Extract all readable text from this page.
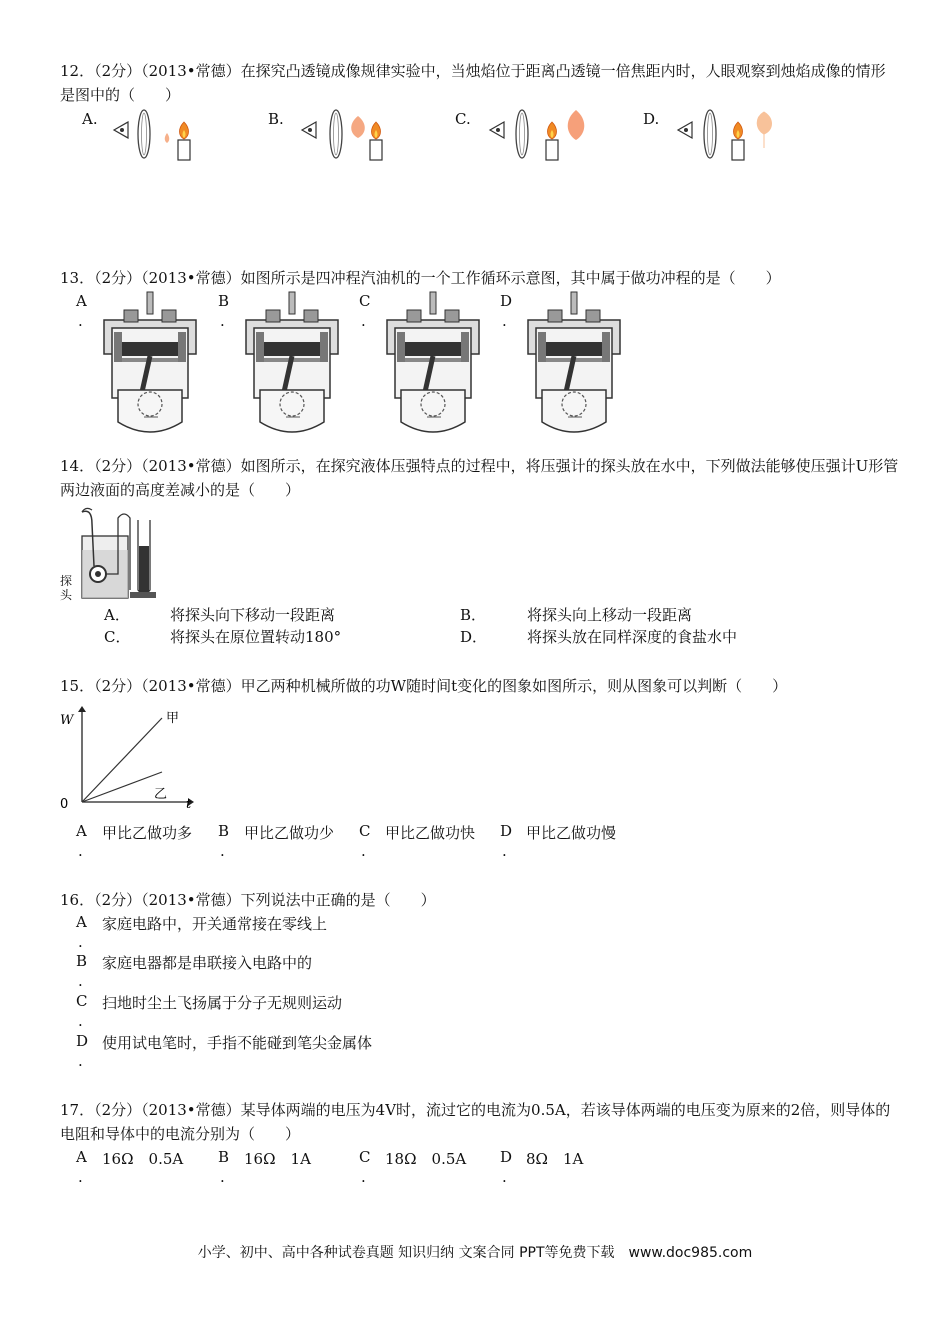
12．（2分）（2013•常德）在探究凸透镜成像规律实验中，当烛焰位于距离凸透镜一倍焦距内时，人眼观察到烛焰成像的情形是图中的（　　）
A.	B.	C.	D.
13．（2分）（2013•常德）如图所示是四冲程汽油机的一个工作循环示意图，其中属于做功冲程的是（　　）
A
.
B
.
C
.
D
.
14．（2分）（2013•常德）如图所示，在探究液体压强特点的过程中，将压强计的探头放在水中，下列做法能够使压强计U形管两边液面的高度差减小的是（　　）
探头
A．	将探头向下移动一段距离	B．	将探头向上移动一段距离
C．	将探头在原位置转动180°	D．	将探头放在同样深度的食盐水中
15．（2分）（2013•常德）甲乙两种机械所做的功W随时间t变化的图象如图所示，则从图象可以判断（　　）
W
t
0
甲
乙
A
.
甲比乙做功多 B
.
甲比乙做功少 C
.
甲比乙做功快 D
.
甲比乙做功慢
16．（2分）（2013•常德）下列说法中正确的是（　　）
A
.
家庭电路中，开关通常接在零线上
B
.
家庭电器都是串联接入电路中的
C
.
扫地时尘土飞扬属于分子无规则运动
D
.
使用试电笔时，手指不能碰到笔尖金属体
17．（2分）（2013•常德）某导体两端的电压为4V时，流过它的电流为0.5A，若该导体两端的电压变为原来的2倍，则导体的电阻和导体中的电流分别为（　　）
A
.
16Ω　0.5A B
.
16Ω　1A	C
.
18Ω　0.5A D
.
8Ω　1A
小学、初中、高中各种试卷真题 知识归纳 文案合同 PPT等免费下载　www.doc985.com
